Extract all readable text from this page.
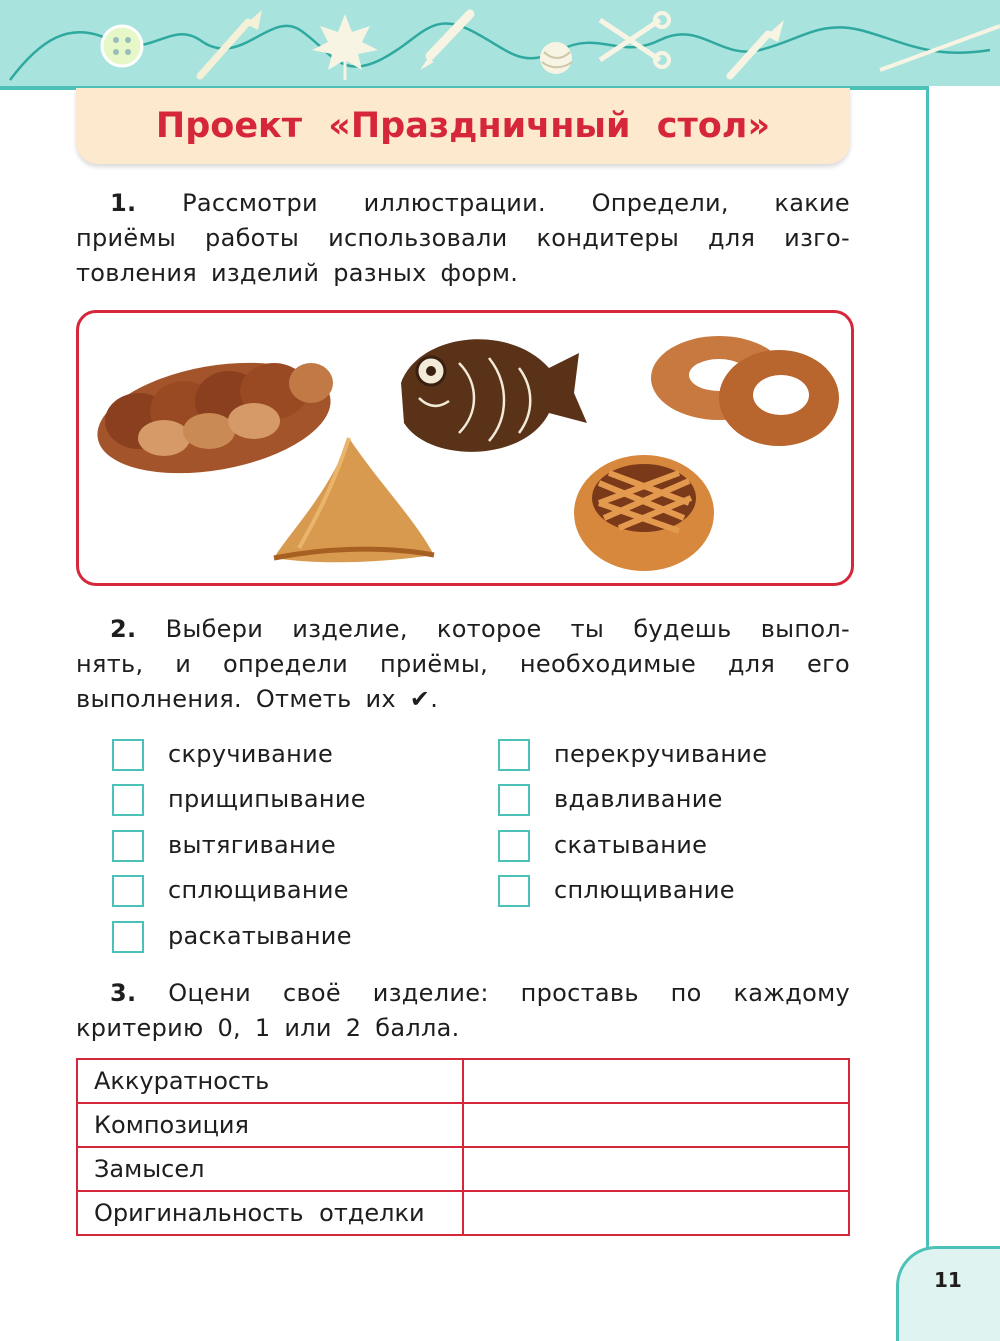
11
Проект «Праздничный стол»
1. Рассмотри иллюстрации. Определи, какие
приёмы работы использовали кондитеры для изго-
товления изделий разных форм.
2. Выбери изделие, которое ты будешь выпол-
нять, и определи приёмы, необходимые для его
выполнения. Отметь их ✔.
скручивание
прищипывание
вытягивание
сплющивание
раскатывание
перекручивание
вдавливание
скатывание
сплющивание
3. Оцени своё изделие: проставь по каждому
критерию 0, 1 или 2 балла.
Аккуратность	
Композиция	
Замысел	
Оригинальность отделки	
